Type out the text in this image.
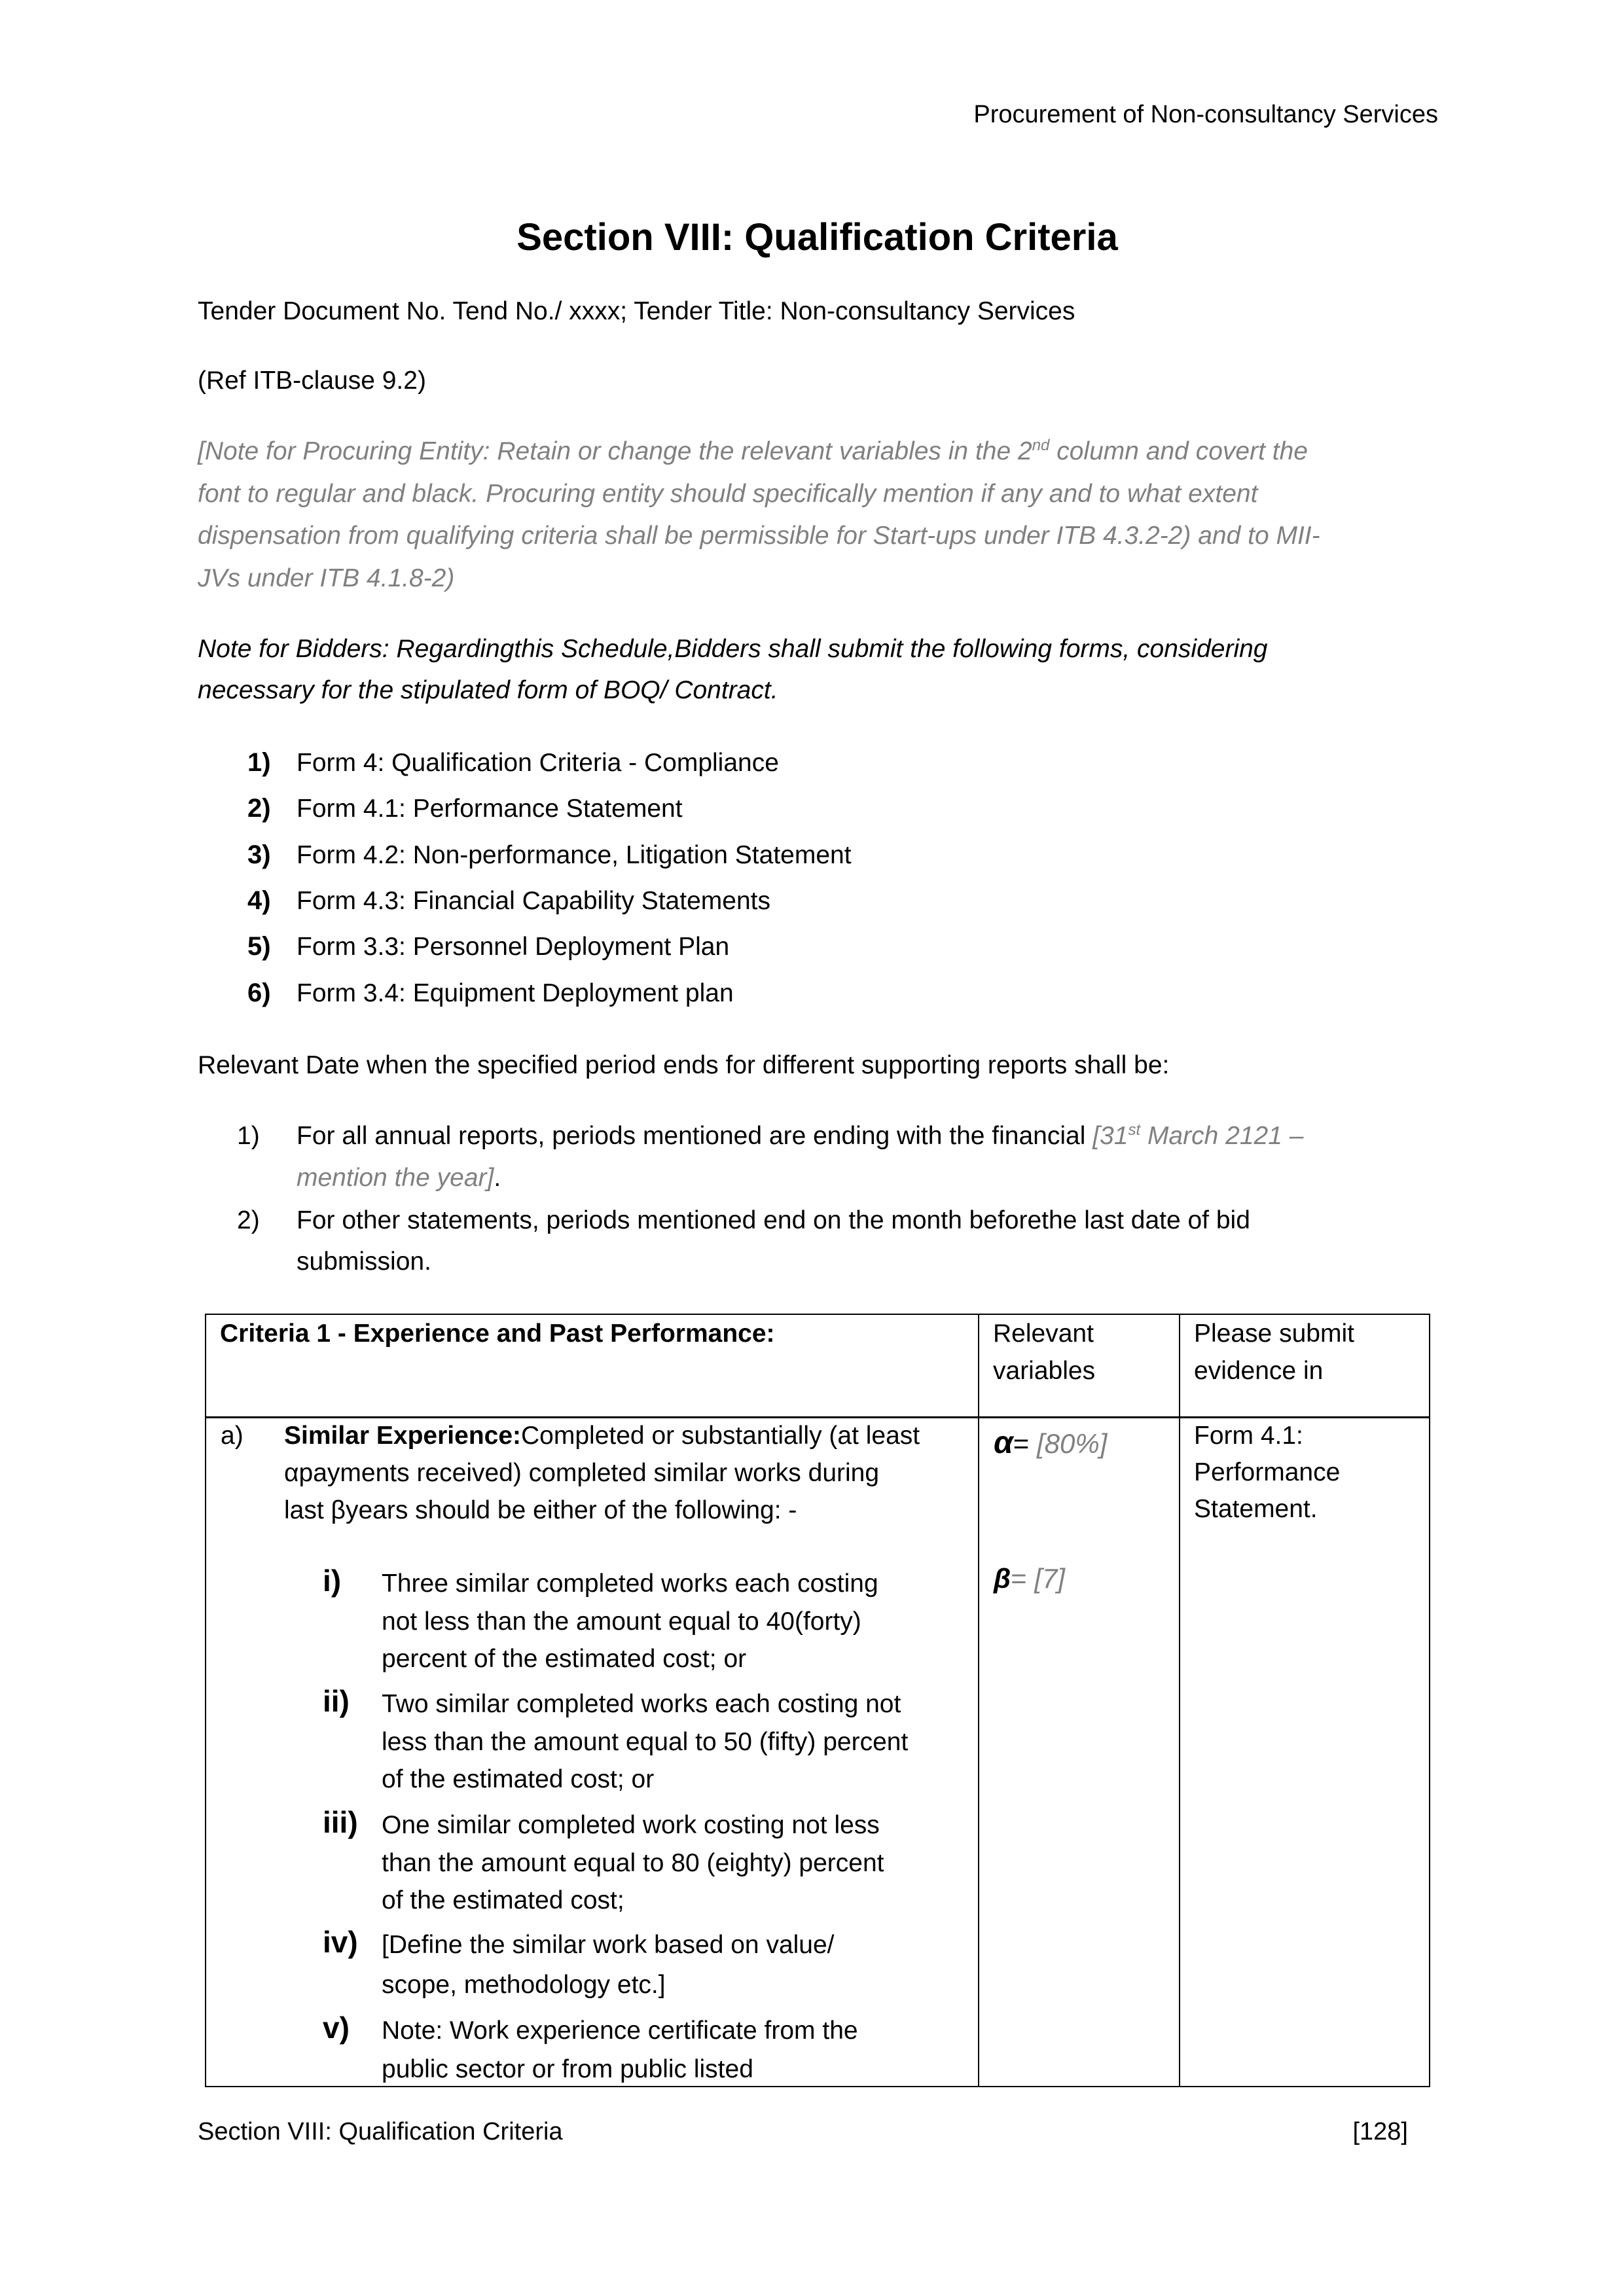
Procurement of Non-consultancy Services
Section VIII: Qualification Criteria
Tender Document No. Tend No./ xxxx; Tender Title: Non-consultancy Services
(Ref ITB-clause 9.2)
[Note for Procuring Entity: Retain or change the relevant variables in the 2nd column and covert the
font to regular and black. Procuring entity should specifically mention if any and to what extent
dispensation from qualifying criteria shall be permissible for Start-ups under ITB 4.3.2-2) and to MII-
JVs under ITB 4.1.8-2)
Note for Bidders: Regardingthis Schedule,Bidders shall submit the following forms, considering
necessary for the stipulated form of BOQ/ Contract.
1) Form 4: Qualification Criteria - Compliance
2) Form 4.1: Performance Statement
3) Form 4.2: Non-performance, Litigation Statement
4) Form 4.3: Financial Capability Statements
5) Form 3.3: Personnel Deployment Plan
6) Form 3.4: Equipment Deployment plan
Relevant Date when the specified period ends for different supporting reports shall be:
1) For all annual reports, periods mentioned are ending with the financial [31st March 2121 –
mention the year].
2) For other statements, periods mentioned end on the month beforethe last date of bid
submission.
Criteria 1 - Experience and Past Performance:	Relevant
variables
Please submit
evidence in
a) Similar Experience:Completed or substantially (at least
αpayments received) completed similar works during
last βyears should be either of the following: -
i) Three similar completed works each costing
not less than the amount equal to 40(forty)
percent of the estimated cost; or
ii) Two similar completed works each costing not
less than the amount equal to 50 (fifty) percent
of the estimated cost; or
iii) One similar completed work costing not less
than the amount equal to 80 (eighty) percent
of the estimated cost;
iv) [Define the similar work based on value/
scope, methodology etc.]
v) Note: Work experience certificate from the
public sector or from public listed
α= [80%]
β= [7]
Form 4.1:
Performance
Statement.
Section VIII: Qualification Criteria	[128]
